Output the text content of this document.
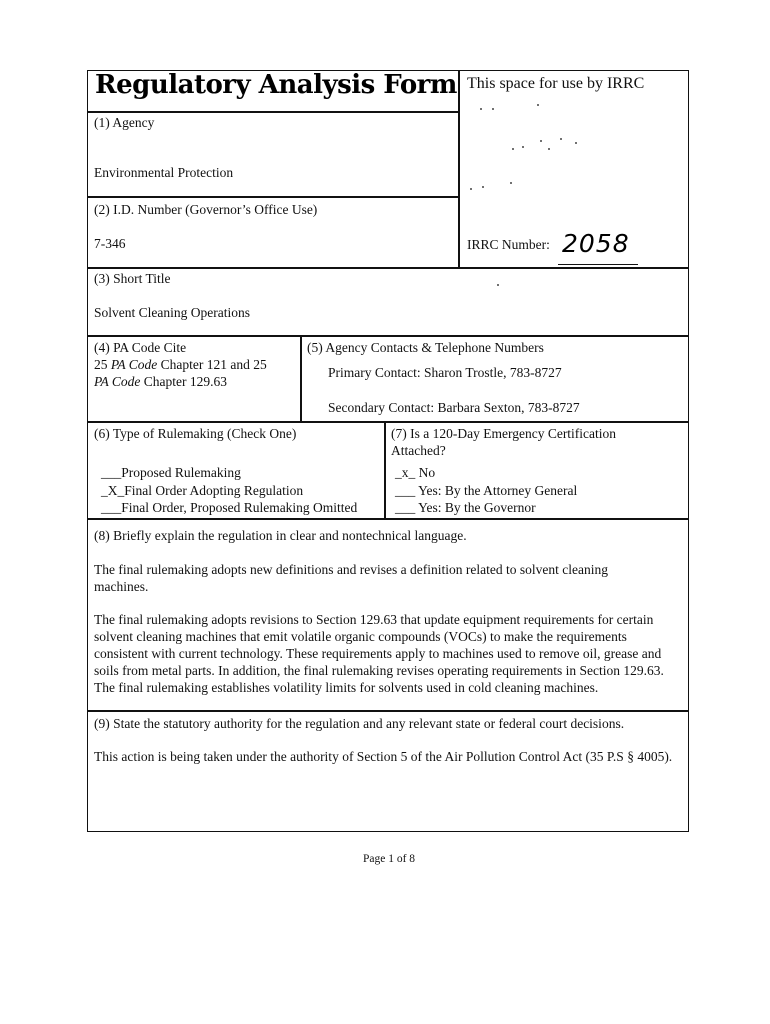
Regulatory Analysis Form This space for use by IRRC
(1) Agency
Environmental Protection
(2) I.D. Number (Governor’s Office Use)
7-346	IRRC Number: 2058
(3) Short Title
Solvent Cleaning Operations
(4) PA Code Cite
25 PA Code Chapter 121 and 25
PA Code Chapter 129.63
(5) Agency Contacts & Telephone Numbers
Primary Contact: Sharon Trostle, 783-8727
Secondary Contact: Barbara Sexton, 783-8727
(6) Type of Rulemaking (Check One)
___Proposed Rulemaking
_X_Final Order Adopting Regulation
___Final Order, Proposed Rulemaking Omitted
(7) Is a 120-Day Emergency Certification
Attached?
_x_ No
___ Yes: By the Attorney General
___ Yes: By the Governor
(8) Briefly explain the regulation in clear and nontechnical language.
The final rulemaking adopts new definitions and revises a definition related to solvent cleaning machines.
The final rulemaking adopts revisions to Section 129.63 that update equipment requirements for certain solvent cleaning machines that emit volatile organic compounds (VOCs) to make the requirements consistent with current technology. These requirements apply to machines used to remove oil, grease and soils from metal parts. In addition, the final rulemaking revises operating requirements in Section 129.63. The final rulemaking establishes volatility limits for solvents used in cold cleaning machines.
(9) State the statutory authority for the regulation and any relevant state or federal court decisions.
This action is being taken under the authority of Section 5 of the Air Pollution Control Act (35 P.S § 4005).
Page 1 of 8
